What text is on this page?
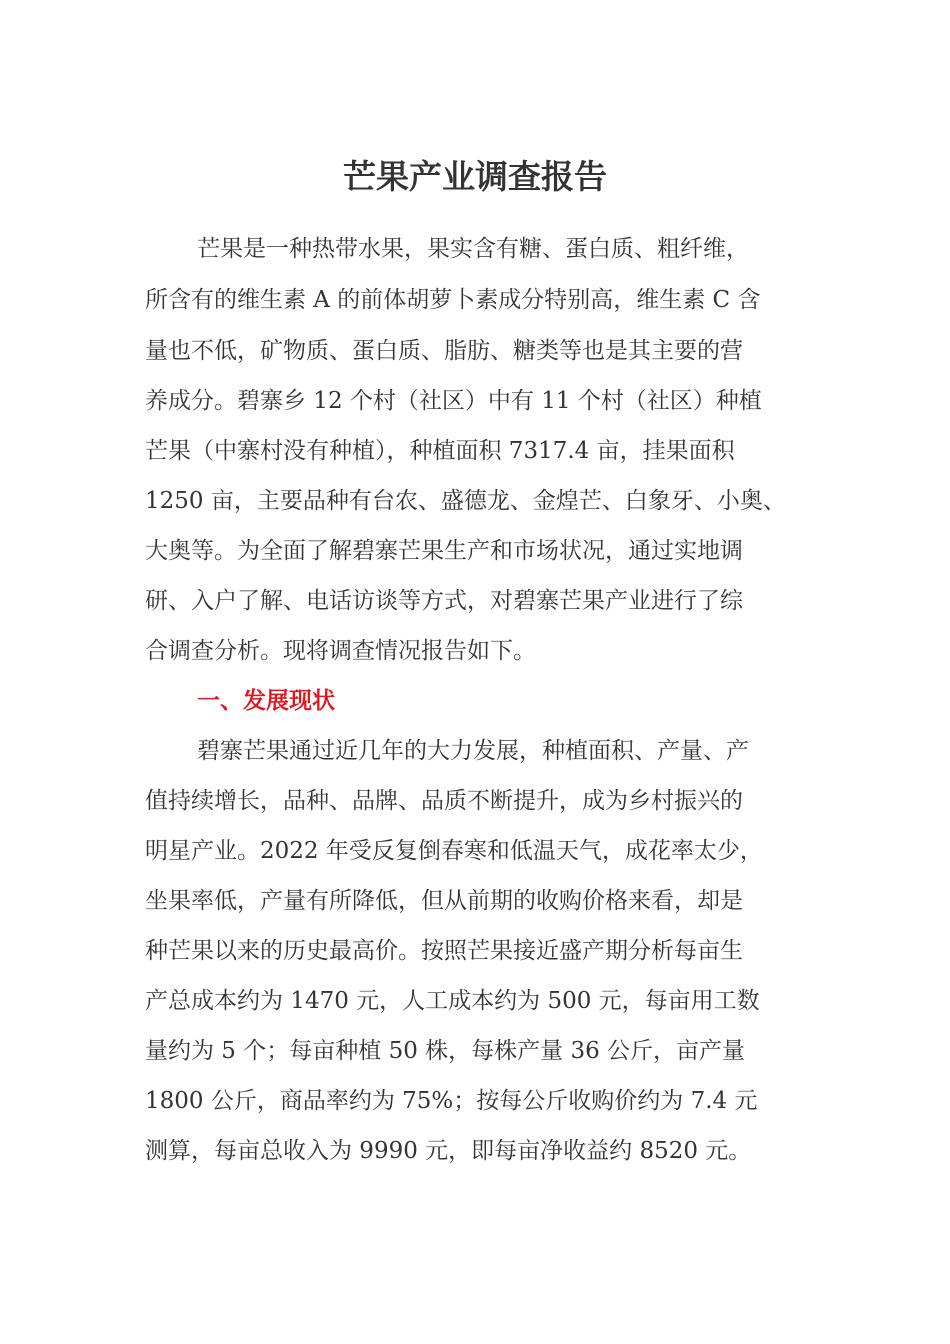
芒果产业调查报告

芒果是一种热带水果，果实含有糖、蛋白质、粗纤维，

所含有的维生素 A 的前体胡萝卜素成分特别高，维生素 C 含

量也不低，矿物质、蛋白质、脂肪、糖类等也是其主要的营

养成分。碧寨乡 12 个村（社区）中有 11 个村（社区）种植

芒果（中寨村没有种植），种植面积 7317.4 亩，挂果面积

1250 亩，主要品种有台农、盛德龙、金煌芒、白象牙、小奥、

大奥等。为全面了解碧寨芒果生产和市场状况，通过实地调

研、入户了解、电话访谈等方式，对碧寨芒果产业进行了综

合调查分析。现将调查情况报告如下。

一、发展现状

碧寨芒果通过近几年的大力发展，种植面积、产量、产

值持续增长，品种、品牌、品质不断提升，成为乡村振兴的

明星产业。2022 年受反复倒春寒和低温天气，成花率太少，

坐果率低，产量有所降低，但从前期的收购价格来看，却是

种芒果以来的历史最高价。按照芒果接近盛产期分析每亩生

产总成本约为 1470 元，人工成本约为 500 元，每亩用工数

量约为 5 个；每亩种植 50 株，每株产量 36 公斤，亩产量

1800 公斤，商品率约为 75%；按每公斤收购价约为 7.4 元

测算，每亩总收入为 9990 元，即每亩净收益约 8520 元。
